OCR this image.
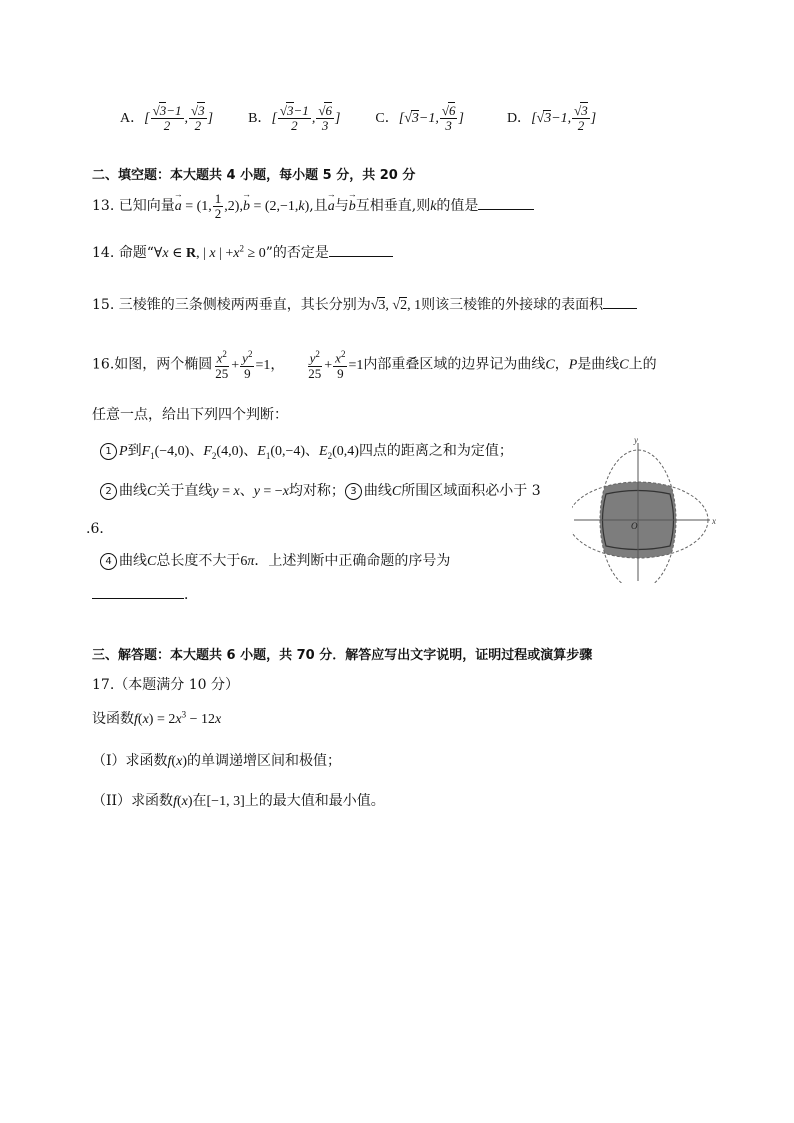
A．[ $\frac{√3-1}{2}$ , $\frac{√3}{2}$ ]	B．[ $\frac{√3-1}{2}$ , $\frac{√6}{3}$ ]	C．[√3−1, $\frac{√6}{3}$ ]	D．[√3−1, $\frac{√3}{2}$ ]
二、填空题：本大题共 4 小题，每小题 5 分，共 20 分
13. 已知向量→ a = (1, $\frac{1}{2} ,2),\to b = (2,-1,k)$,且→ a与→ b互相垂直,则k的值是
14. 命题“∀x ∈ R, | x | $+x^2 \ge 0$”的否定是
15. 三棱锥的三条侧棱两两垂直，其长分别为√3, √2, 1则该三棱锥的外接球的表面积
16.如图，两个椭圆 $\frac{x^2}{25} + \frac{y^2}{9} =1$， $\frac{y^2}{25} + \frac{x^2}{9} =1$内部重叠区域的边界记为曲线C，P是曲线C上的
任意一点，给出下列四个判断：
1 P到$F_1(-4,0)$、$F_2(4,0)$、$E_1(0,-4)$、$E_2(0,4)$四点的距离之和为定值；
2 曲线C关于直线y = x、y = −x均对称； 3 曲线C所围区域面积必小于 3
.6．
4 曲线C总长度不大于6π．上述判断中正确命题的序号为
．
x
y
O
三、解答题：本大题共 6 小题，共 70 分．解答应写出文字说明，证明过程或演算步骤
17.（本题满分 10 分）
设函数$f(x) = 2x^3 - 12x$
（I）求函数f(x)的单调递增区间和极值；
（II）求函数f(x)在[−1, 3]上的最大值和最小值。
